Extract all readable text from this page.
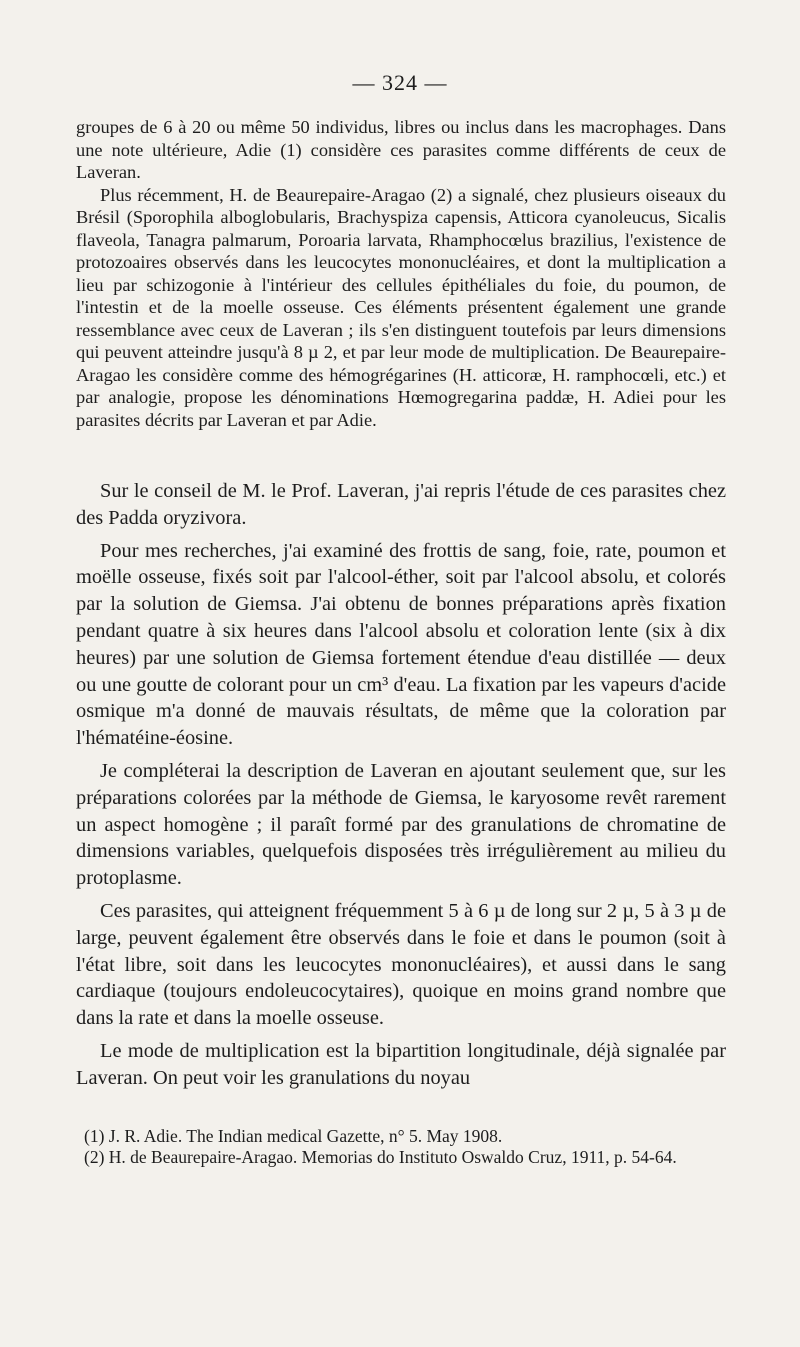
— 324 —

groupes de 6 à 20 ou même 50 individus, libres ou inclus dans les macrophages. Dans une note ultérieure, Adie (1) considère ces parasites comme différents de ceux de Laveran.

Plus récemment, H. de Beaurepaire-Aragao (2) a signalé, chez plusieurs oiseaux du Brésil (Sporophila alboglobularis, Brachyspiza capensis, Atticora cyanoleucus, Sicalis flaveola, Tanagra palmarum, Poroaria larvata, Rhamphocœlus brazilius, l'existence de protozoaires observés dans les leucocytes mononucléaires, et dont la multiplication a lieu par schizogonie à l'intérieur des cellules épithéliales du foie, du poumon, de l'intestin et de la moelle osseuse. Ces éléments présentent également une grande ressemblance avec ceux de Laveran ; ils s'en distinguent toutefois par leurs dimensions qui peuvent atteindre jusqu'à 8 µ 2, et par leur mode de multiplication. De Beaurepaire-Aragao les considère comme des hémogrégarines (H. atticoræ, H. ramphocœli, etc.) et par analogie, propose les dénominations Hœmogregarina paddæ, H. Adiei pour les parasites décrits par Laveran et par Adie.

Sur le conseil de M. le Prof. Laveran, j'ai repris l'étude de ces parasites chez des Padda oryzivora.

Pour mes recherches, j'ai examiné des frottis de sang, foie, rate, poumon et moëlle osseuse, fixés soit par l'alcool-éther, soit par l'alcool absolu, et colorés par la solution de Giemsa. J'ai obtenu de bonnes préparations après fixation pendant quatre à six heures dans l'alcool absolu et coloration lente (six à dix heures) par une solution de Giemsa fortement étendue d'eau distillée — deux ou une goutte de colorant pour un cm³ d'eau. La fixation par les vapeurs d'acide osmique m'a donné de mauvais résultats, de même que la coloration par l'hématéine-éosine.

Je compléterai la description de Laveran en ajoutant seulement que, sur les préparations colorées par la méthode de Giemsa, le karyosome revêt rarement un aspect homogène ; il paraît formé par des granulations de chromatine de dimensions variables, quelquefois disposées très irrégulièrement au milieu du protoplasme.

Ces parasites, qui atteignent fréquemment 5 à 6 µ de long sur 2 µ, 5 à 3 µ de large, peuvent également être observés dans le foie et dans le poumon (soit à l'état libre, soit dans les leucocytes mononucléaires), et aussi dans le sang cardiaque (toujours endoleucocytaires), quoique en moins grand nombre que dans la rate et dans la moelle osseuse.

Le mode de multiplication est la bipartition longitudinale, déjà signalée par Laveran. On peut voir les granulations du noyau

(1) J. R. Adie. The Indian medical Gazette, n° 5. May 1908.

(2) H. de Beaurepaire-Aragao. Memorias do Instituto Oswaldo Cruz, 1911, p. 54-64.
